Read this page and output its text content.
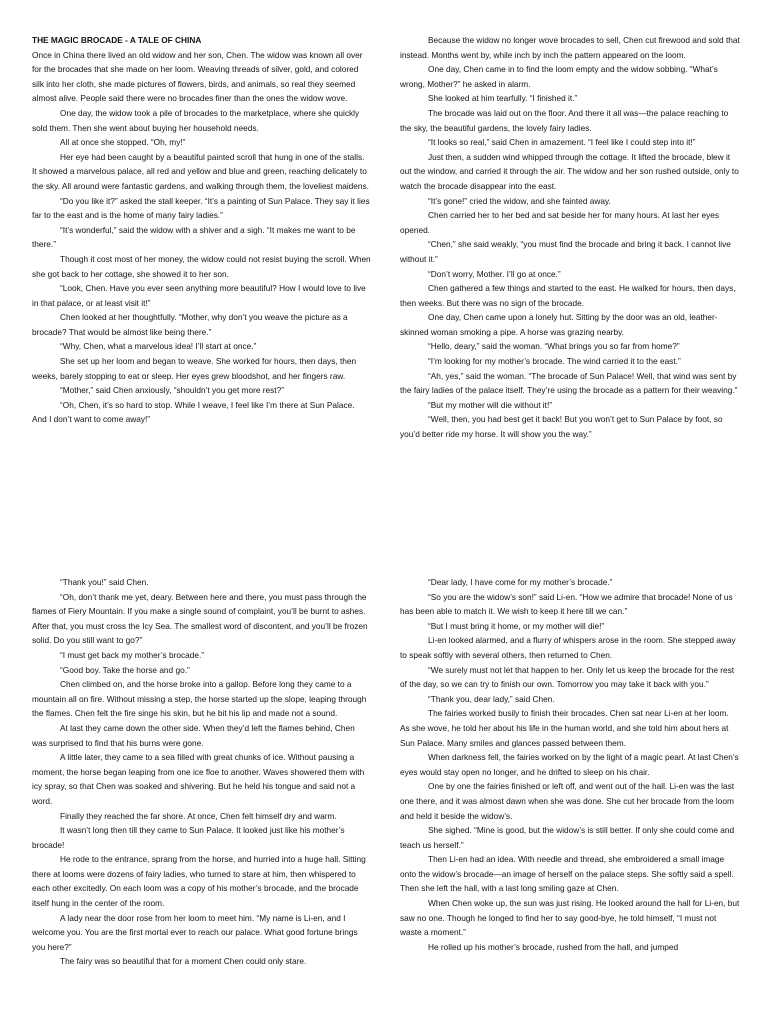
THE MAGIC BROCADE - A TALE OF CHINA

Once in China there lived an old widow and her son, Chen. The widow was known all over for the brocades that she made on her loom. Weaving threads of silver, gold, and colored silk into her cloth, she made pictures of flowers, birds, and animals, so real they seemed almost alive. People said there were no brocades finer than the ones the widow wove.

One day, the widow took a pile of brocades to the marketplace, where she quickly sold them. Then she went about buying her household needs.

All at once she stopped. “Oh, my!”

Her eye had been caught by a beautiful painted scroll that hung in one of the stalls. It showed a marvelous palace, all red and yellow and blue and green, reaching delicately to the sky. All around were fantastic gardens, and walking through them, the loveliest maidens.

“Do you like it?” asked the stall keeper. “It’s a painting of Sun Palace. They say it lies far to the east and is the home of many fairy ladies.”

“It’s wonderful,” said the widow with a shiver and a sigh. “It makes me want to be there.”

Though it cost most of her money, the widow could not resist buying the scroll. When she got back to her cottage, she showed it to her son.

“Look, Chen. Have you ever seen anything more beautiful? How I would love to live in that palace, or at least visit it!”

Chen looked at her thoughtfully. “Mother, why don’t you weave the picture as a brocade? That would be almost like being there.”

“Why, Chen, what a marvelous idea! I’ll start at once.”

She set up her loom and began to weave. She worked for hours, then days, then weeks, barely stopping to eat or sleep. Her eyes grew bloodshot, and her fingers raw.

“Mother,” said Chen anxiously, “shouldn’t you get more rest?”

“Oh, Chen, it’s so hard to stop. While I weave, I feel like I’m there at Sun Palace. And I don’t want to come away!”

Because the widow no longer wove brocades to sell, Chen cut firewood and sold that instead. Months went by, while inch by inch the pattern appeared on the loom.

One day, Chen came in to find the loom empty and the widow sobbing. “What’s wrong, Mother?” he asked in alarm.

She looked at him tearfully. “I finished it.”

The brocade was laid out on the floor. And there it all was—the palace reaching to the sky, the beautiful gardens, the lovely fairy ladies.

“It looks so real,” said Chen in amazement. “I feel like I could step into it!”

Just then, a sudden wind whipped through the cottage. It lifted the brocade, blew it out the window, and carried it through the air. The widow and her son rushed outside, only to watch the brocade disappear into the east.

“It’s gone!” cried the widow, and she fainted away.

Chen carried her to her bed and sat beside her for many hours. At last her eyes opened.

“Chen,” she said weakly, “you must find the brocade and bring it back. I cannot live without it.”

“Don’t worry, Mother. I’ll go at once.”

Chen gathered a few things and started to the east. He walked for hours, then days, then weeks. But there was no sign of the brocade.

One day, Chen came upon a lonely hut. Sitting by the door was an old, leather-skinned woman smoking a pipe. A horse was grazing nearby.

“Hello, deary,” said the woman. “What brings you so far from home?”

“I’m looking for my mother’s brocade. The wind carried it to the east.”

“Ah, yes,” said the woman. “The brocade of Sun Palace! Well, that wind was sent by the fairy ladies of the palace itself. They’re using the brocade as a pattern for their weaving.”

“But my mother will die without it!”

“Well, then, you had best get it back! But you won’t get to Sun Palace by foot, so you’d better ride my horse. It will show you the way.”

“Thank you!” said Chen.

“Oh, don’t thank me yet, deary. Between here and there, you must pass through the flames of Fiery Mountain. If you make a single sound of complaint, you’ll be burnt to ashes. After that, you must cross the Icy Sea. The smallest word of discontent, and you’ll be frozen solid. Do you still want to go?”

“I must get back my mother’s brocade.”

“Good boy. Take the horse and go.”

Chen climbed on, and the horse broke into a gallop. Before long they came to a mountain all on fire. Without missing a step, the horse started up the slope, leaping through the flames. Chen felt the fire singe his skin, but he bit his lip and made not a sound.

At last they came down the other side. When they’d left the flames behind, Chen was surprised to find that his burns were gone.

A little later, they came to a sea filled with great chunks of ice. Without pausing a moment, the horse began leaping from one ice floe to another. Waves showered them with icy spray, so that Chen was soaked and shivering. But he held his tongue and said not a word.

Finally they reached the far shore. At once, Chen felt himself dry and warm.

It wasn’t long then till they came to Sun Palace. It looked just like his mother’s brocade!

He rode to the entrance, sprang from the horse, and hurried into a huge hall. Sitting there at looms were dozens of fairy ladies, who turned to stare at him, then whispered to each other excitedly. On each loom was a copy of his mother’s brocade, and the brocade itself hung in the center of the room.

A lady near the door rose from her loom to meet him. “My name is Li-en, and I welcome you. You are the first mortal ever to reach our palace. What good fortune brings you here?”

The fairy was so beautiful that for a moment Chen could only stare.

“Dear lady, I have come for my mother’s brocade.”

“So you are the widow’s son!” said Li-en. “How we admire that brocade! None of us has been able to match it. We wish to keep it here till we can.”

“But I must bring it home, or my mother will die!”

Li-en looked alarmed, and a flurry of whispers arose in the room. She stepped away to speak softly with several others, then returned to Chen.

“We surely must not let that happen to her. Only let us keep the brocade for the rest of the day, so we can try to finish our own. Tomorrow you may take it back with you.”

“Thank you, dear lady,” said Chen.

The fairies worked busily to finish their brocades. Chen sat near Li-en at her loom. As she wove, he told her about his life in the human world, and she told him about hers at Sun Palace. Many smiles and glances passed between them.

When darkness fell, the fairies worked on by the light of a magic pearl. At last Chen’s eyes would stay open no longer, and he drifted to sleep on his chair.

One by one the fairies finished or left off, and went out of the hall. Li-en was the last one there, and it was almost dawn when she was done. She cut her brocade from the loom and held it beside the widow’s.

She sighed. “Mine is good, but the widow’s is still better. If only she could come and teach us herself.”

Then Li-en had an idea. With needle and thread, she embroidered a small image onto the widow’s brocade—an image of herself on the palace steps. She softly said a spell. Then she left the hall, with a last long smiling gaze at Chen.

When Chen woke up, the sun was just rising. He looked around the hall for Li-en, but saw no one. Though he longed to find her to say good-bye, he told himself, “I must not waste a moment.”

He rolled up his mother’s brocade, rushed from the hall, and jumped
